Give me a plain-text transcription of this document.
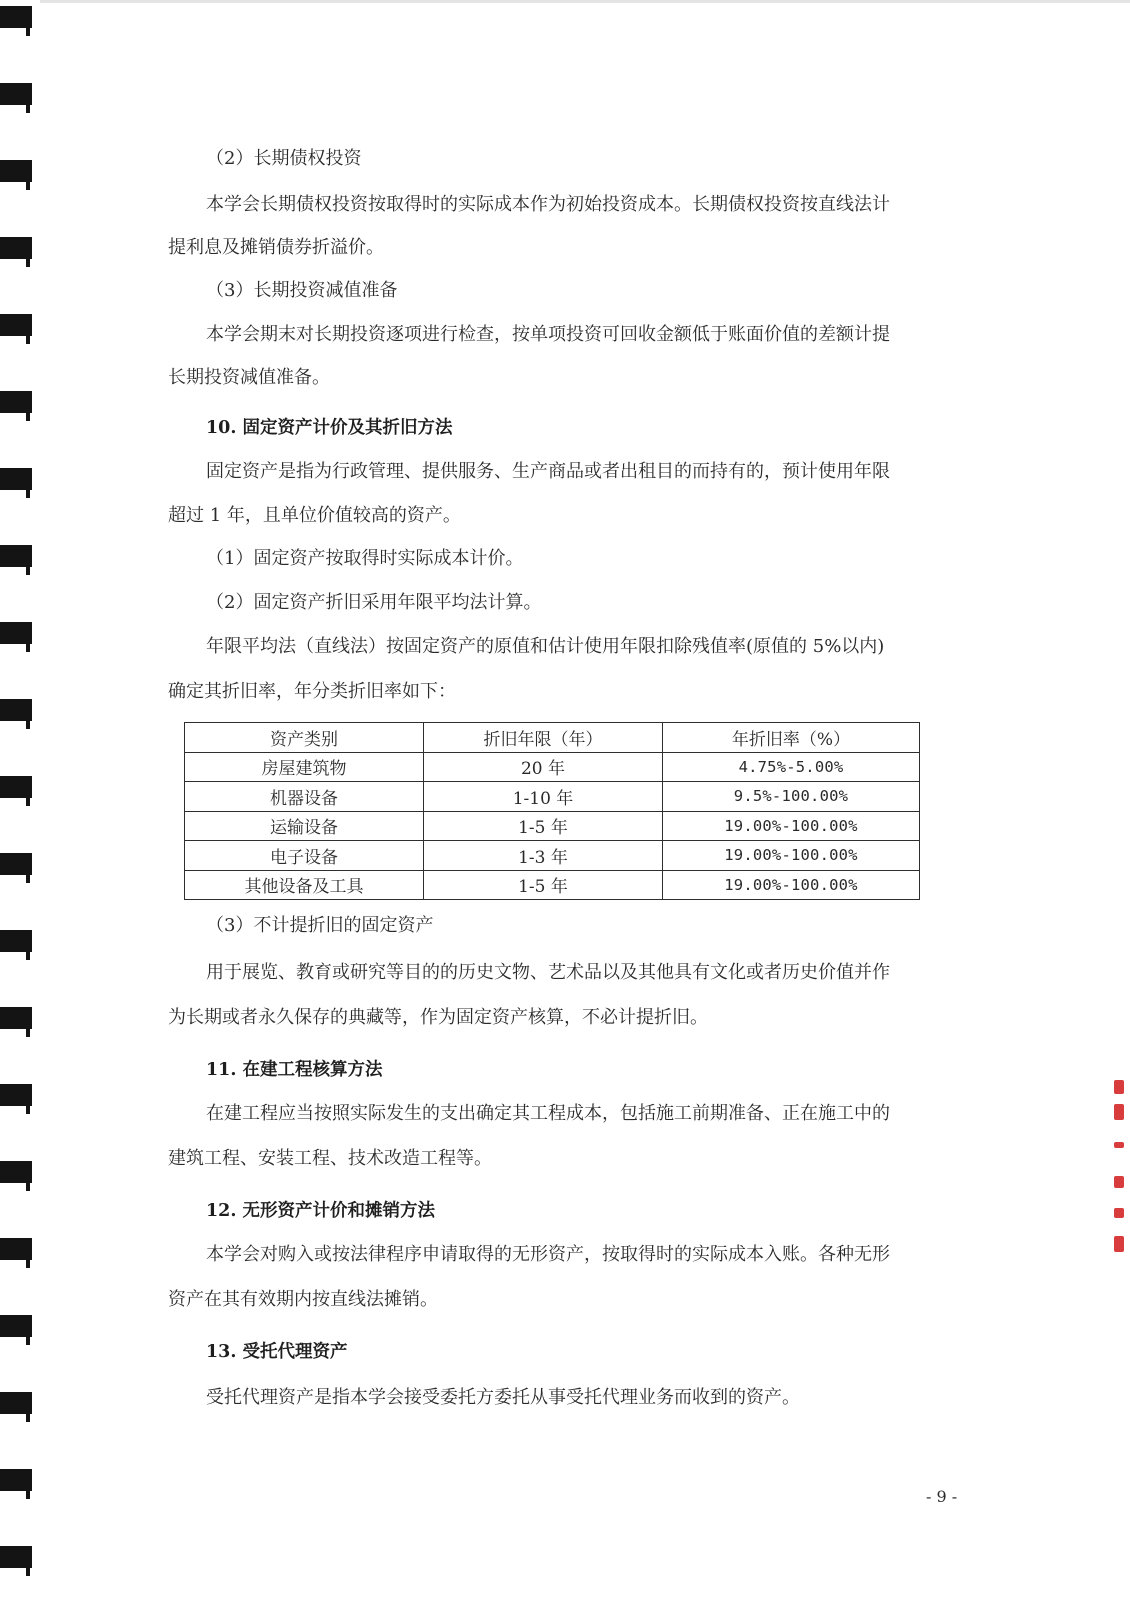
（2）长期债权投资
本学会长期债权投资按取得时的实际成本作为初始投资成本。长期债权投资按直线法计
提利息及摊销债券折溢价。
（3）长期投资减值准备
本学会期末对长期投资逐项进行检查，按单项投资可回收金额低于账面价值的差额计提
长期投资减值准备。
10. 固定资产计价及其折旧方法
固定资产是指为行政管理、提供服务、生产商品或者出租目的而持有的，预计使用年限
超过 1 年，且单位价值较高的资产。
（1）固定资产按取得时实际成本计价。
（2）固定资产折旧采用年限平均法计算。
年限平均法（直线法）按固定资产的原值和估计使用年限扣除残值率(原值的 5%以内)
确定其折旧率，年分类折旧率如下：
资产类别	折旧年限（年）	年折旧率（%）
房屋建筑物	20 年	4.75%-5.00%
机器设备	1-10 年	9.5%-100.00%
运输设备	1-5 年	19.00%-100.00%
电子设备	1-3 年	19.00%-100.00%
其他设备及工具	1-5 年	19.00%-100.00%
（3）不计提折旧的固定资产
用于展览、教育或研究等目的的历史文物、艺术品以及其他具有文化或者历史价值并作
为长期或者永久保存的典藏等，作为固定资产核算，不必计提折旧。
11. 在建工程核算方法
在建工程应当按照实际发生的支出确定其工程成本，包括施工前期准备、正在施工中的
建筑工程、安装工程、技术改造工程等。
12. 无形资产计价和摊销方法
本学会对购入或按法律程序申请取得的无形资产，按取得时的实际成本入账。各种无形
资产在其有效期内按直线法摊销。
13. 受托代理资产
受托代理资产是指本学会接受委托方委托从事受托代理业务而收到的资产。
- 9 -
